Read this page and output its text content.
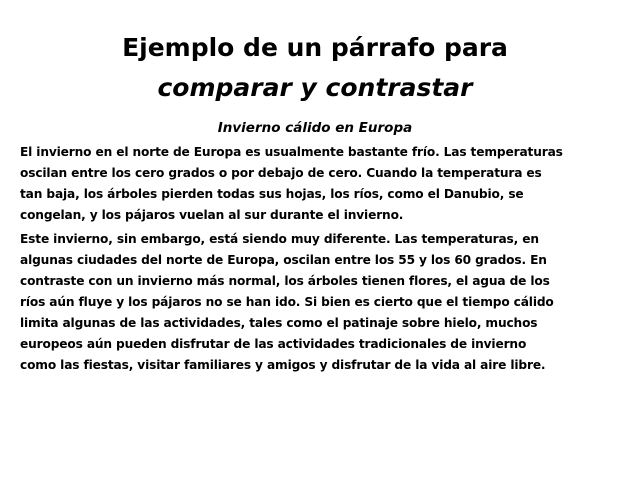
Ejemplo de un párrafo para
comparar y contrastar
Invierno cálido en Europa

El invierno en el norte de Europa es usualmente bastante frío. Las temperaturas
oscilan entre los cero grados o por debajo de cero. Cuando la temperatura es
tan baja, los árboles pierden todas sus hojas, los ríos, como el Danubio, se
congelan, y los pájaros vuelan al sur durante el invierno.

Este invierno, sin embargo, está siendo muy diferente. Las temperaturas, en
algunas ciudades del norte de Europa, oscilan entre los 55 y los 60 grados. En
contraste con un invierno más normal, los árboles tienen flores, el agua de los
ríos aún fluye y los pájaros no se han ido. Si bien es cierto que el tiempo cálido
limita algunas de las actividades, tales como el patinaje sobre hielo, muchos
europeos aún pueden disfrutar de las actividades tradicionales de invierno
como las fiestas, visitar familiares y amigos y disfrutar de la vida al aire libre.
